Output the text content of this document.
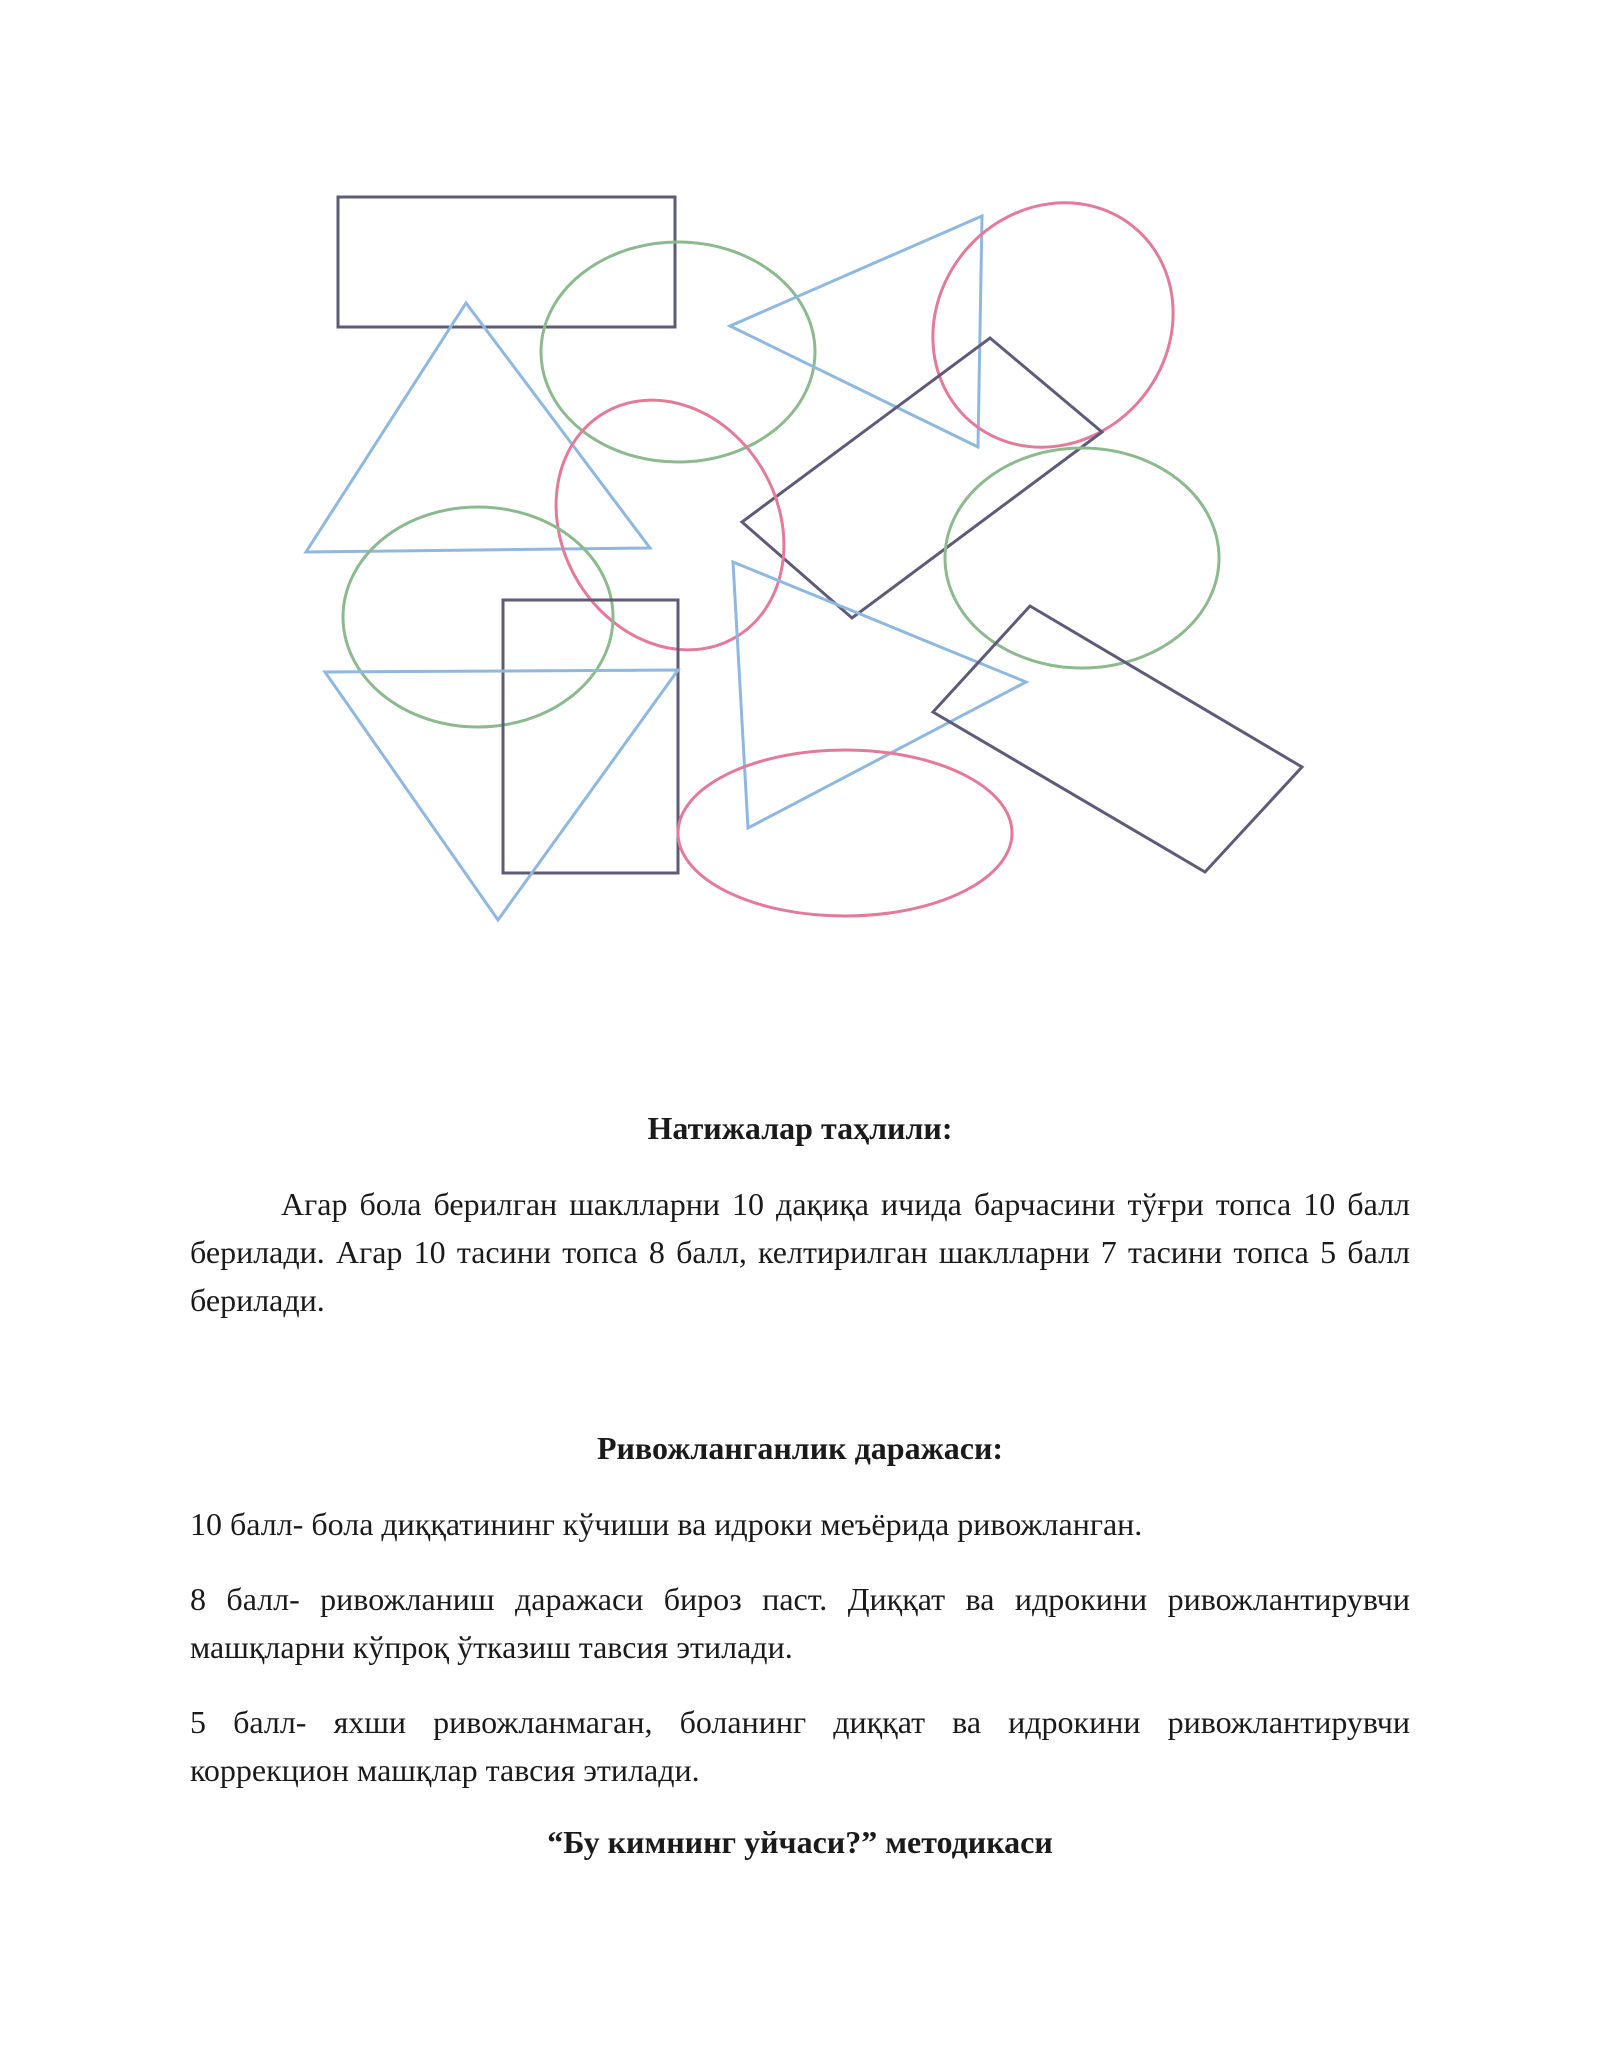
Натижалар таҳлили:
Агар бола берилган шаклларни 10 дақиқа ичида барчасини тўғри топса 10 балл берилади. Агар 10 тасини топса 8 балл, келтирилган шаклларни 7 тасини топса 5 балл берилади.
Ривожланганлик даражаси:
10 балл- бола диққатининг кўчиши ва идроки меъёрида ривожланган.
8 балл- ривожланиш даражаси бироз паст. Диққат ва идрокини ривожлантирувчи машқларни кўпроқ ўтказиш тавсия этилади.
5 балл- яхши ривожланмаган, боланинг диққат ва идрокини ривожлантирувчи коррекцион машқлар тавсия этилади.
“Бу кимнинг уйчаси?” методикаси
